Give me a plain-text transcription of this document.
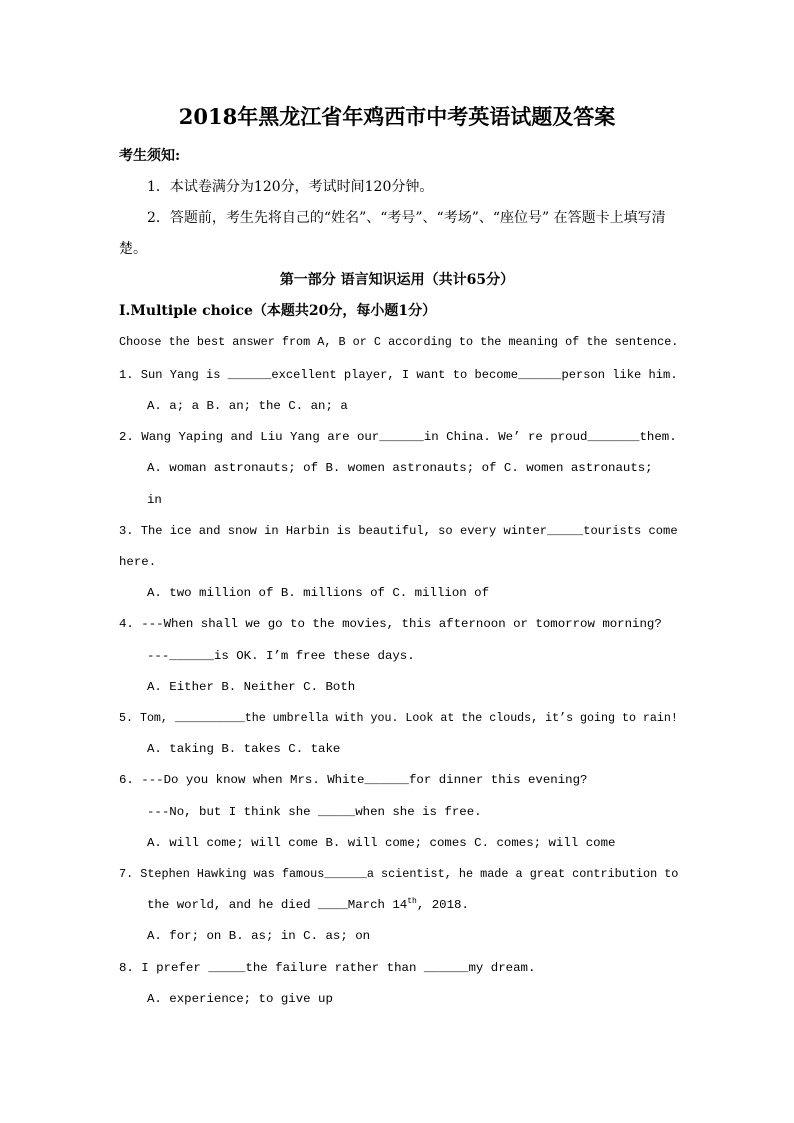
2018年黑龙江省年鸡西市中考英语试题及答案
考生须知:
1．本试卷满分为120分，考试时间120分钟。
2．答题前，考生先将自己的“姓名”、“考号”、“考场”、“座位号” 在答题卡上填写清
楚。
第一部分 语言知识运用（共计65分）
Ⅰ.Multiple choice（本题共20分，每小题1分）
Choose the best answer from A, B or C according to the meaning of the sentence.
1. Sun Yang is ______excellent player, I want to become______person like him.
A. a; a B. an; the C. an; a
2. Wang Yaping and Liu Yang are our______in China. We’ re proud_______them.
A. woman astronauts; of B. women astronauts; of C. women astronauts;
in
3. The ice and snow in Harbin is beautiful, so every winter_____tourists come
here.
A. two million of B. millions of C. million of
4. ---When shall we go to the movies, this afternoon or tomorrow morning?
---______is OK. I’m free these days.
A. Either B. Neither C. Both
5. Tom, __________the umbrella with you. Look at the clouds, it’s going to rain!
A. taking B. takes C. take
6. ---Do you know when Mrs. White______for dinner this evening?
---No, but I think she _____when she is free.
A. will come; will come B. will come; comes C. comes; will come
7. Stephen Hawking was famous______a scientist, he made a great contribution to
the world, and he died ____March 14th, 2018.
A. for; on B. as; in C. as; on
8. I prefer _____the failure rather than ______my dream.
A. experience; to give up
